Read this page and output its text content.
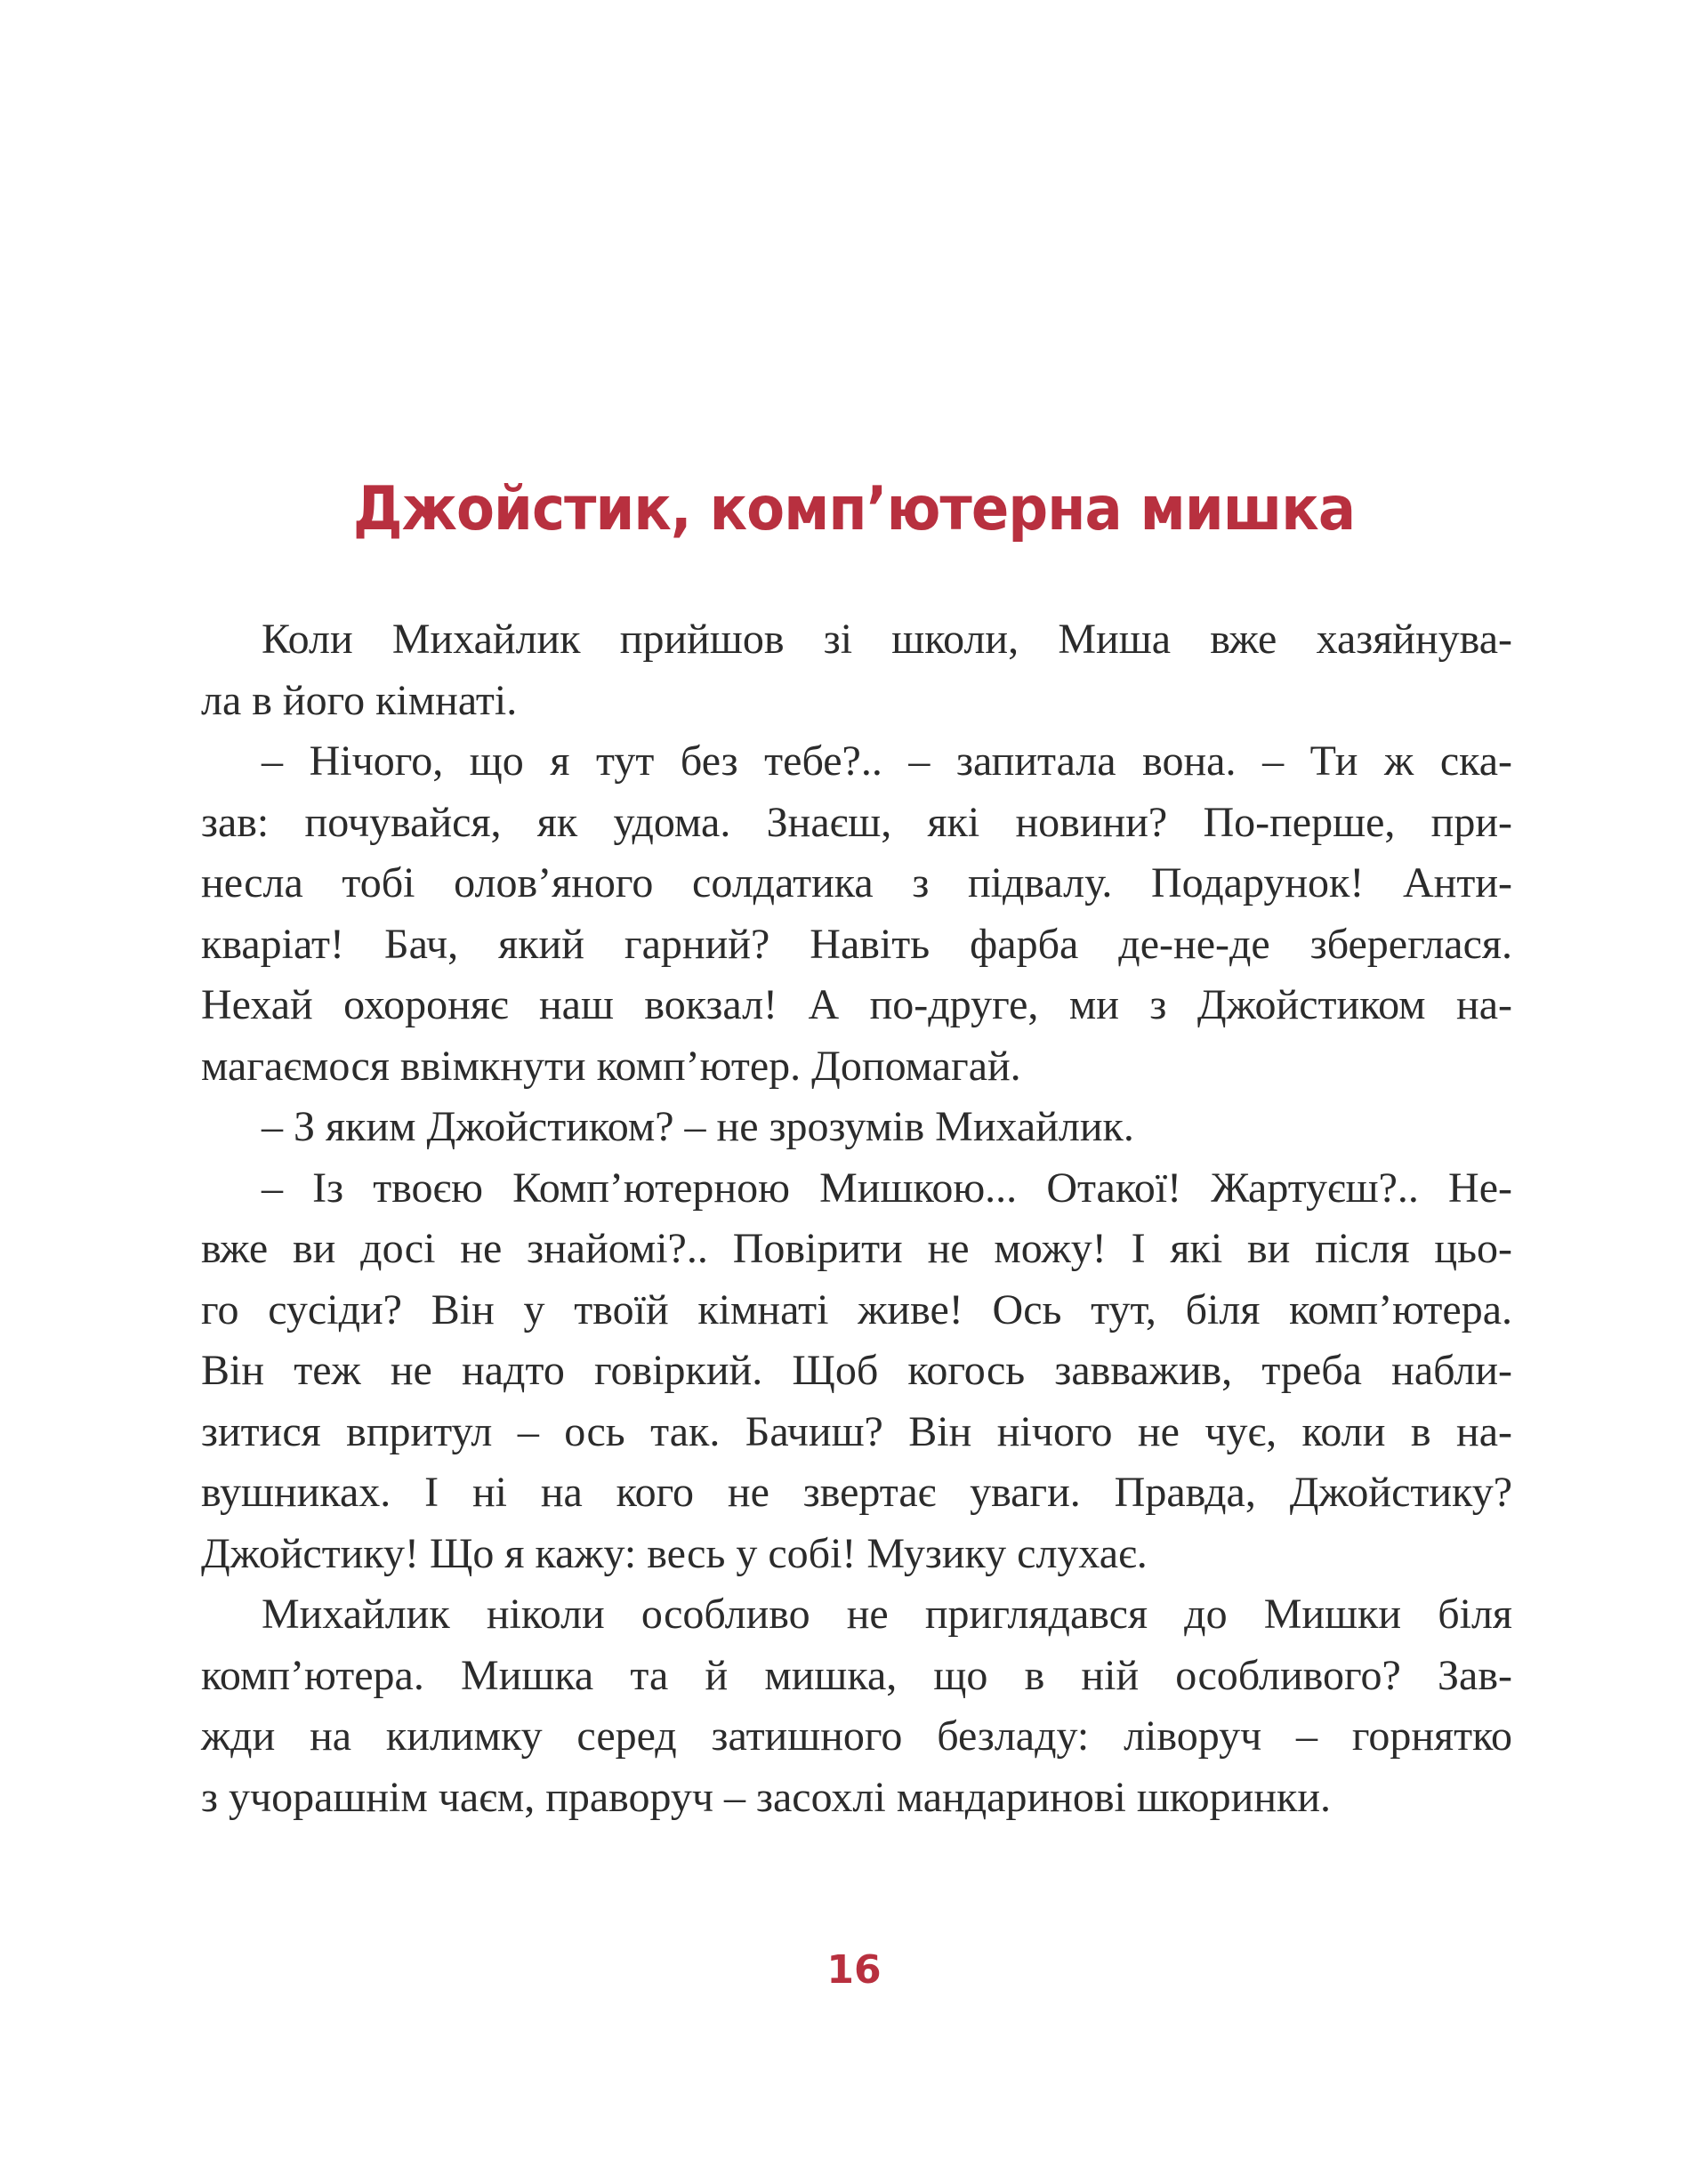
Джойстик, комп’ютерна мишка

Коли Михайлик прийшов зі школи, Миша вже хазяйнува-
ла в його кімнаті.

– Нічого, що я тут без тебе?.. – запитала вона. – Ти ж ска-
зав: почувайся, як удома. Знаєш, які новини? По-перше, при-
несла тобі олов’яного солдатика з підвалу. Подарунок! Анти-
кваріат! Бач, який гарний? Навіть фарба де-не-де збереглася.
Нехай охороняє наш вокзал! А по-друге, ми з Джойстиком на-
магаємося ввімкнути комп’ютер. Допомагай.

– З яким Джойстиком? – не зрозумів Михайлик.

– Із твоєю Комп’ютерною Мишкою... Отакої! Жартуєш?.. Не-
вже ви досі не знайомі?.. Повірити не можу! І які ви після цьо-
го сусіди? Він у твоїй кімнаті живе! Ось тут, біля комп’ютера.
Він теж не надто говіркий. Щоб когось завважив, треба набли-
зитися впритул – ось так. Бачиш? Він нічого не чує, коли в на-
вушниках. І ні на кого не звертає уваги. Правда, Джойстику?
Джойстику! Що я кажу: весь у собі! Музику слухає.

Михайлик ніколи особливо не приглядався до Мишки біля
комп’ютера. Мишка та й мишка, що в ній особливого? Зав-
жди на килимку серед затишного безладу: ліворуч – горнятко
з учорашнім чаєм, праворуч – засохлі мандаринові шкоринки.

16
